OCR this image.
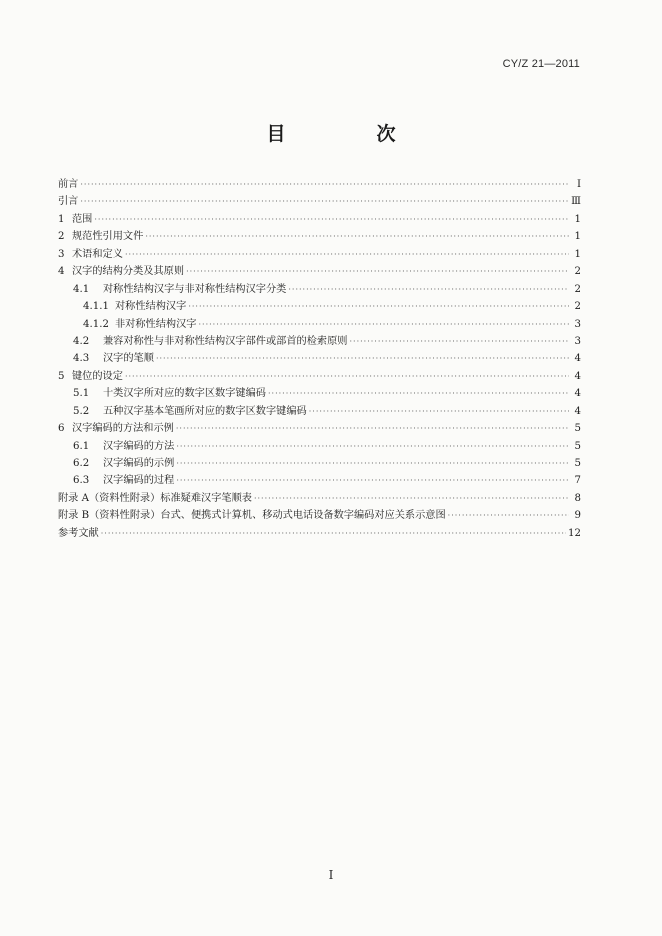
CY/Z 21—2011
目　次
前言 ·····	Ⅰ
引言 ·····	Ⅲ
1 范围 ·····	1
2 规范性引用文件 ·····	1
3 术语和定义 ·····	1
4 汉字的结构分类及其原则 ·····	2
4.1	对称性结构汉字与非对称性结构汉字分类 ·····	2
4.1.1 对称性结构汉字 ·····	2
4.1.2 非对称性结构汉字 ·····	3
4.2	兼容对称性与非对称性结构汉字部件或部首的检索原则 ·····	3
4.3	汉字的笔顺 ·····	4
5 键位的设定 ·····	4
5.1	十类汉字所对应的数字区数字键编码 ·····	4
5.2	五种汉字基本笔画所对应的数字区数字键编码 ·····	4
6 汉字编码的方法和示例 ·····	5
6.1	汉字编码的方法 ·····	5
6.2	汉字编码的示例 ·····	5
6.3	汉字编码的过程 ·····	7
附录 A（资料性附录）标准疑难汉字笔顺表 ·····	8
附录 B（资料性附录）台式、便携式计算机、移动式电话设备数字编码对应关系示意图 ·····	9
参考文献 ·····	12
I
